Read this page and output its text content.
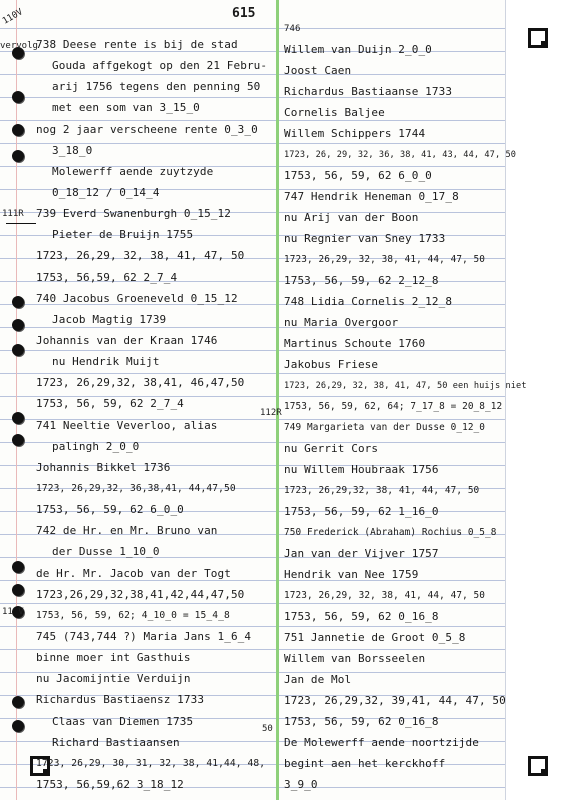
615
110V
vervolg
111R
112R
11 V
50
738 Deese rente is bij de stad
Gouda affgekogt op den 21 Febru-
arij 1756 tegens den penning 50
met een som van 3_15_0
nog 2 jaar verscheene rente 0_3_0
3_18_0
Molewerff aende zuytzyde
0_18_12 / 0_14_4
739 Everd Swanenburgh 0_15_12
Pieter de Bruijn 1755
1723, 26,29, 32, 38, 41, 47, 50
1753, 56,59, 62 2_7_4
740 Jacobus Groeneveld 0_15_12
Jacob Magtig 1739
Johannis van der Kraan 1746
nu Hendrik Muijt
1723, 26,29,32, 38,41, 46,47,50
1753, 56, 59, 62 2_7_4
741 Neeltie Veverloo, alias
palingh 2_0_0
Johannis Bikkel 1736
1723, 26,29,32, 36,38,41, 44,47,50
1753, 56, 59, 62 6_0_0
742 de Hr. en Mr. Bruno van
der Dusse 1_10_0
de Hr. Mr. Jacob van der Togt
1723,26,29,32,38,41,42,44,47,50
1753, 56, 59, 62; 4_10_0 = 15_4_8
745 (743,744 ?) Maria Jans 1_6_4
binne moer int Gasthuis
nu Jacomijntie Verduijn
Richardus Bastiaensz 1733
Claas van Diemen 1735
Richard Bastiaansen
1723, 26,29, 30, 31, 32, 38, 41,44, 48,
1753, 56,59,62 3_18_12
746
Willem van Duijn 2_0_0
Joost Caen
Richardus Bastiaanse 1733
Cornelis Baljee
Willem Schippers 1744
1723, 26, 29, 32, 36, 38, 41, 43, 44, 47, 50
1753, 56, 59, 62 6_0_0
747 Hendrik Heneman 0_17_8
nu Arij van der Boon
nu Regnier van Sney 1733
1723, 26,29, 32, 38, 41, 44, 47, 50
1753, 56, 59, 62 2_12_8
748 Lidia Cornelis 2_12_8
nu Maria Overgoor
Martinus Schoute 1760
Jakobus Friese
1723, 26,29, 32, 38, 41, 47, 50 een huijs niet
1753, 56, 59, 62, 64; 7_17_8 = 20_8_12
749 Margarieta van der Dusse 0_12_0
nu Gerrit Cors
nu Willem Houbraak 1756
1723, 26,29,32, 38, 41, 44, 47, 50
1753, 56, 59, 62 1_16_0
750 Frederick (Abraham) Rochius 0_5_8
Jan van der Vijver 1757
Hendrik van Nee 1759
1723, 26,29, 32, 38, 41, 44, 47, 50
1753, 56, 59, 62 0_16_8
751 Jannetie de Groot 0_5_8
Willem van Borsseelen
Jan de Mol
1723, 26,29,32, 39,41, 44, 47, 50
1753, 56, 59, 62 0_16_8
De Molewerff aende noortzijde
begint aen het kerckhoff
3_9_0
